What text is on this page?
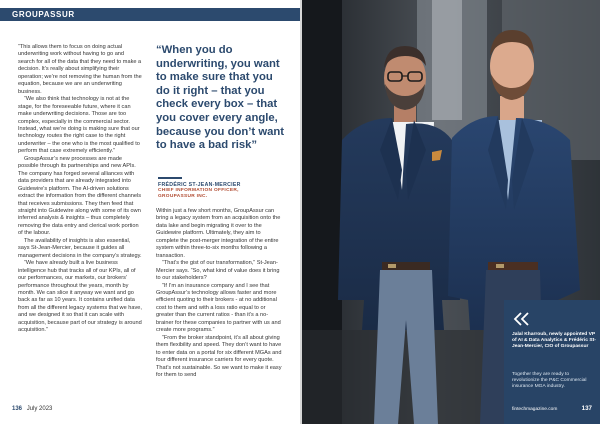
GROUPASSUR

“This allows them to focus on doing actual underwriting work without having to go and search for all of the data that they need to make a decision. It’s really about simplifying their operation; we’re not removing the human from the equation, because we are an underwriting business.

“We also think that technology is not at the stage, for the foreseeable future, where it can make underwriting decisions. Those are too complex, especially in the commercial sector. Instead, what we’re doing is making sure that our technology routes the right case to the right underwriter – the one who is the most qualified to perform that case extremely efficiently.”

GroupAssur’s new processes are made possible through its partnerships and new APIs. The company has forged several alliances with data providers that are already integrated into Guidewire’s platform. The AI-driven solutions extract the information from the different channels that receives submissions. They then feed that straight into Guidewire along with some of its own inferred analysis & insights – thus completely removing the data entry and clerical work portion of the labour.

The availability of insights is also essential, says St-Jean-Mercier, because it guides all management decisions in the company’s strategy.

“We have already built a live business intelligence hub that tracks all of our KPIs, all of our performances, our markets, our brokers’ performance throughout the years, month by month. We can slice it anyway we want and go back as far as 10 years. It contains unified data from all the different legacy systems that we have, and we designed it so that it can scale with acquisition, because part of our strategy is around acquisition.”

“When you do underwriting, you want to make sure that you do it right – that you check every box – that you cover every angle, because you don’t want to have a bad risk”
FRÉDÉRIC ST-JEAN-MERCIER
CHIEF INFORMATION OFFICER, GROUPASSUR INC.

Within just a few short months, GroupAssur can bring a legacy system from an acquisition onto the data lake and begin migrating it over to the Guidewire platform. Ultimately, they aim to complete the post-merger integration of the entire system within three-to-six months following a transaction.

“That’s the gist of our transformation,” St-Jean-Mercier says. “So, what kind of value does it bring to our stakeholders?

“If I’m an insurance company and I see that GroupAssur’s technology allows faster and more efficient quoting to their brokers - at no additional cost to them and with a loss ratio equal to or greater than the current ratios - than it’s a no-brainer for these companies to partner with us and create more programs.”

“From the broker standpoint, it’s all about giving them flexibility and speed. They don’t want to have to enter data on a portal for six different MGAs and four different insurance carriers for every quote. That’s not sustainable. So we want to make it easy for them to send

136 July 2023
Jalal Kharroub, newly appointed VP of AI & Data Analytics & Frédéric St-Jean-Mercier, CIO of Groupassur
Together they are ready to revolutionize the P&C Commercial insurance MGA industry.
fintechmagazine.com	137
